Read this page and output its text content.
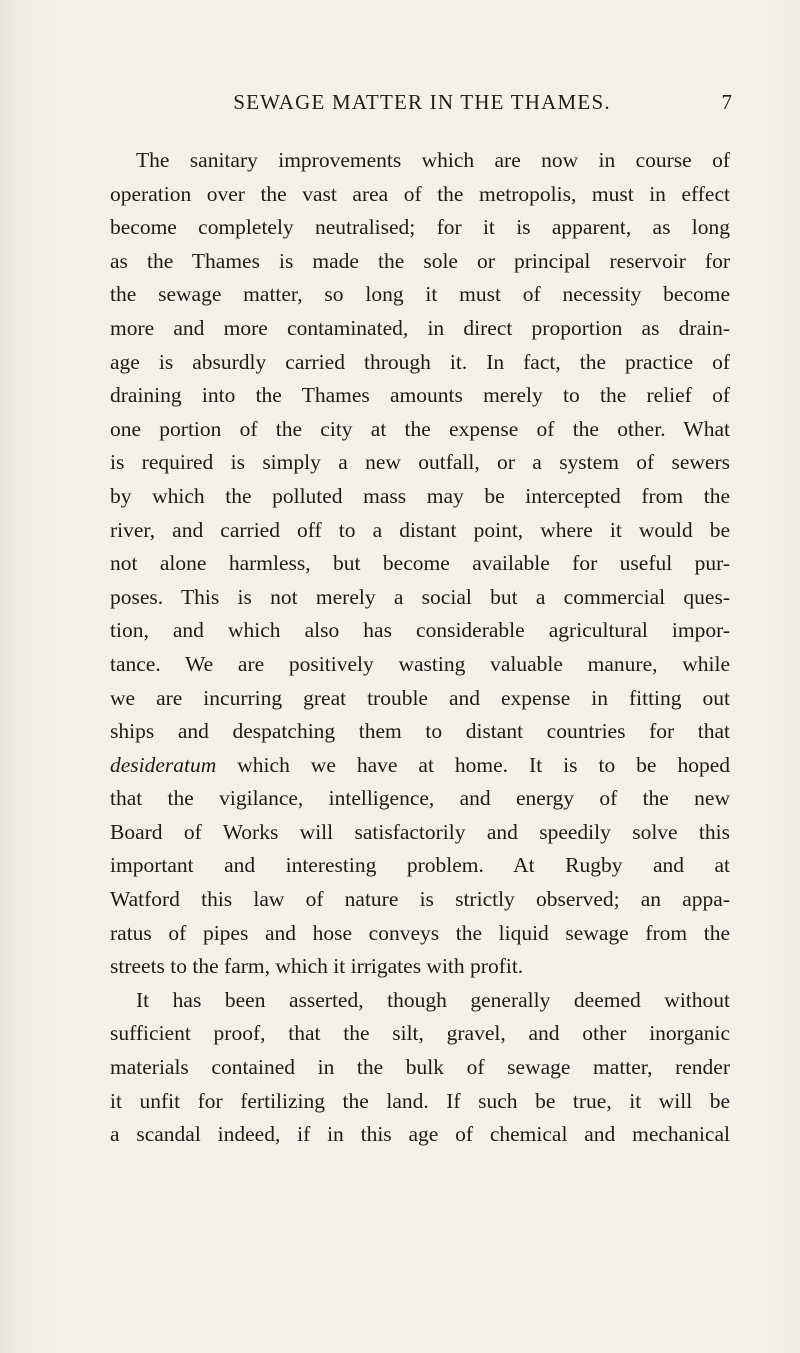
SEWAGE MATTER IN THE THAMES.	7
The sanitary improvements which are now in course of
operation over the vast area of the metropolis, must in effect
become completely neutralised; for it is apparent, as long
as the Thames is made the sole or principal reservoir for
the sewage matter, so long it must of necessity become
more and more contaminated, in direct proportion as drain-
age is absurdly carried through it. In fact, the practice of
draining into the Thames amounts merely to the relief of
one portion of the city at the expense of the other. What
is required is simply a new outfall, or a system of sewers
by which the polluted mass may be intercepted from the
river, and carried off to a distant point, where it would be
not alone harmless, but become available for useful pur-
poses. This is not merely a social but a commercial ques-
tion, and which also has considerable agricultural impor-
tance. We are positively wasting valuable manure, while
we are incurring great trouble and expense in fitting out
ships and despatching them to distant countries for that
desideratum which we have at home. It is to be hoped
that the vigilance, intelligence, and energy of the new
Board of Works will satisfactorily and speedily solve this
important and interesting problem. At Rugby and at
Watford this law of nature is strictly observed; an appa-
ratus of pipes and hose conveys the liquid sewage from the
streets to the farm, which it irrigates with profit.
It has been asserted, though generally deemed without
sufficient proof, that the silt, gravel, and other inorganic
materials contained in the bulk of sewage matter, render
it unfit for fertilizing the land. If such be true, it will be
a scandal indeed, if in this age of chemical and mechanical
